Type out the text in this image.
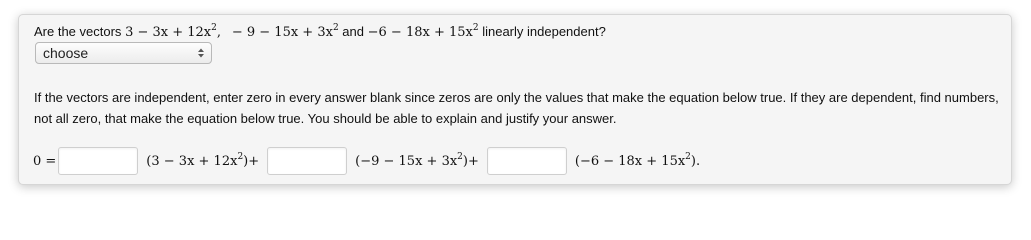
Are the vectors $3 - 3x + 12x^2$, − $9 - 15x + 3x^2$ and $-6 - 18x + 15x^2$ linearly independent?
choose
If the vectors are independent, enter zero in every answer blank since zeros are only the values that make the equation below true. If they are dependent, find numbers, not all zero, that make the equation below true. You should be able to explain and justify your answer.
0 =	$(3 - 3x + 12x^2)+$	$(-9 - 15x + 3x^2)+$	$(-6 - 18x + 15x^2)$.
